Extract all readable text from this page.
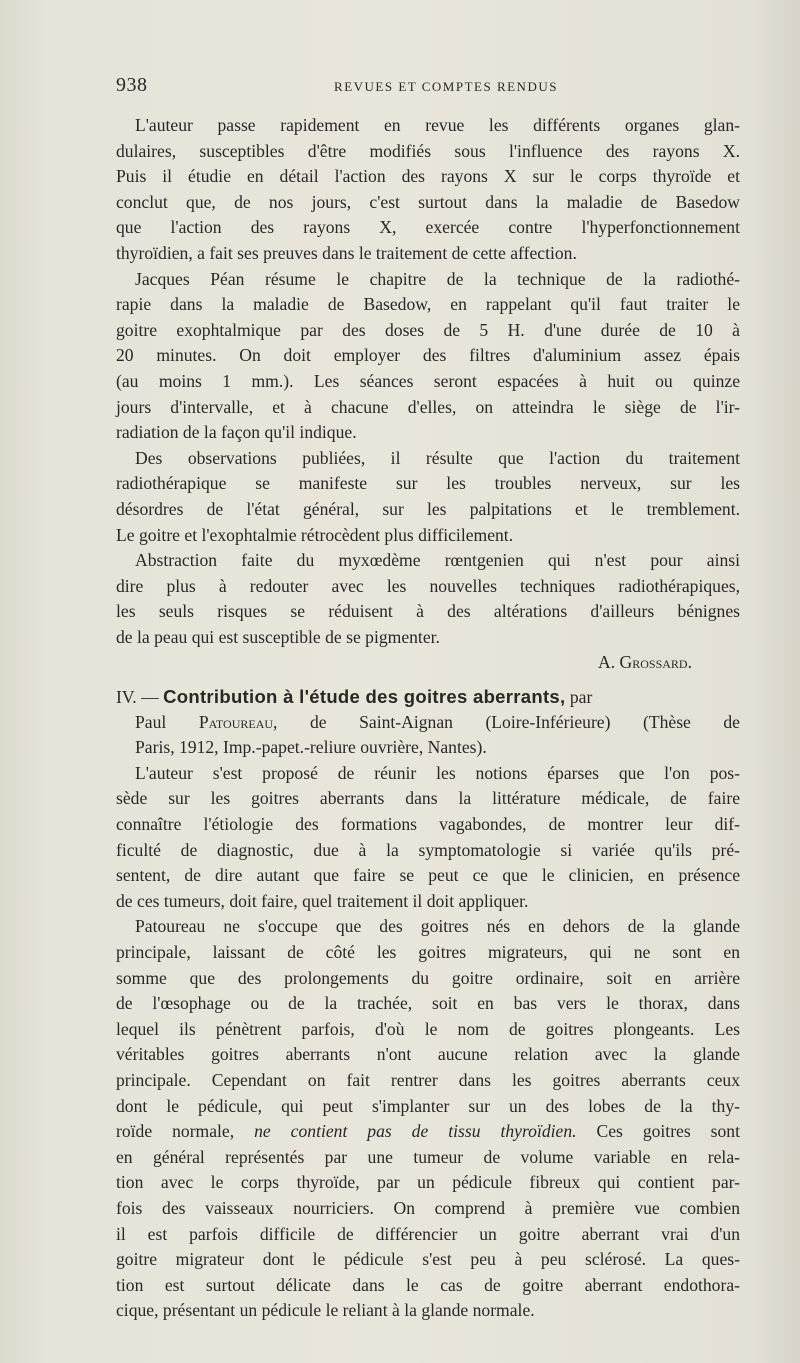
938	REVUES ET COMPTES RENDUS
L'auteur passe rapidement en revue les différents organes glan-
dulaires, susceptibles d'être modifiés sous l'influence des rayons X.
Puis il étudie en détail l'action des rayons X sur le corps thyroïde et
conclut que, de nos jours, c'est surtout dans la maladie de Basedow
que l'action des rayons X, exercée contre l'hyperfonctionnement
thyroïdien, a fait ses preuves dans le traitement de cette affection.
Jacques Péan résume le chapitre de la technique de la radiothé-
rapie dans la maladie de Basedow, en rappelant qu'il faut traiter le
goitre exophtalmique par des doses de 5 H. d'une durée de 10 à
20 minutes. On doit employer des filtres d'aluminium assez épais
(au moins 1 mm.). Les séances seront espacées à huit ou quinze
jours d'intervalle, et à chacune d'elles, on atteindra le siège de l'ir-
radiation de la façon qu'il indique.
Des observations publiées, il résulte que l'action du traitement
radiothérapique se manifeste sur les troubles nerveux, sur les
désordres de l'état général, sur les palpitations et le tremblement.
Le goitre et l'exophtalmie rétrocèdent plus difficilement.
Abstraction faite du myxœdème rœntgenien qui n'est pour ainsi
dire plus à redouter avec les nouvelles techniques radiothérapiques,
les seuls risques se réduisent à des altérations d'ailleurs bénignes
de la peau qui est susceptible de se pigmenter.
A. Grossard.
IV. — Contribution à l'étude des goitres aberrants, par
Paul Patoureau, de Saint-Aignan (Loire-Inférieure) (Thèse de
Paris, 1912, Imp.-papet.-reliure ouvrière, Nantes).
L'auteur s'est proposé de réunir les notions éparses que l'on pos-
sède sur les goitres aberrants dans la littérature médicale, de faire
connaître l'étiologie des formations vagabondes, de montrer leur dif-
ficulté de diagnostic, due à la symptomatologie si variée qu'ils pré-
sentent, de dire autant que faire se peut ce que le clinicien, en présence
de ces tumeurs, doit faire, quel traitement il doit appliquer.
Patoureau ne s'occupe que des goitres nés en dehors de la glande
principale, laissant de côté les goitres migrateurs, qui ne sont en
somme que des prolongements du goitre ordinaire, soit en arrière
de l'œsophage ou de la trachée, soit en bas vers le thorax, dans
lequel ils pénètrent parfois, d'où le nom de goitres plongeants. Les
véritables goitres aberrants n'ont aucune relation avec la glande
principale. Cependant on fait rentrer dans les goitres aberrants ceux
dont le pédicule, qui peut s'implanter sur un des lobes de la thy-
roïde normale, ne contient pas de tissu thyroïdien. Ces goitres sont
en général représentés par une tumeur de volume variable en rela-
tion avec le corps thyroïde, par un pédicule fibreux qui contient par-
fois des vaisseaux nourriciers. On comprend à première vue combien
il est parfois difficile de différencier un goitre aberrant vrai d'un
goitre migrateur dont le pédicule s'est peu à peu sclérosé. La ques-
tion est surtout délicate dans le cas de goitre aberrant endothora-
cique, présentant un pédicule le reliant à la glande normale.
